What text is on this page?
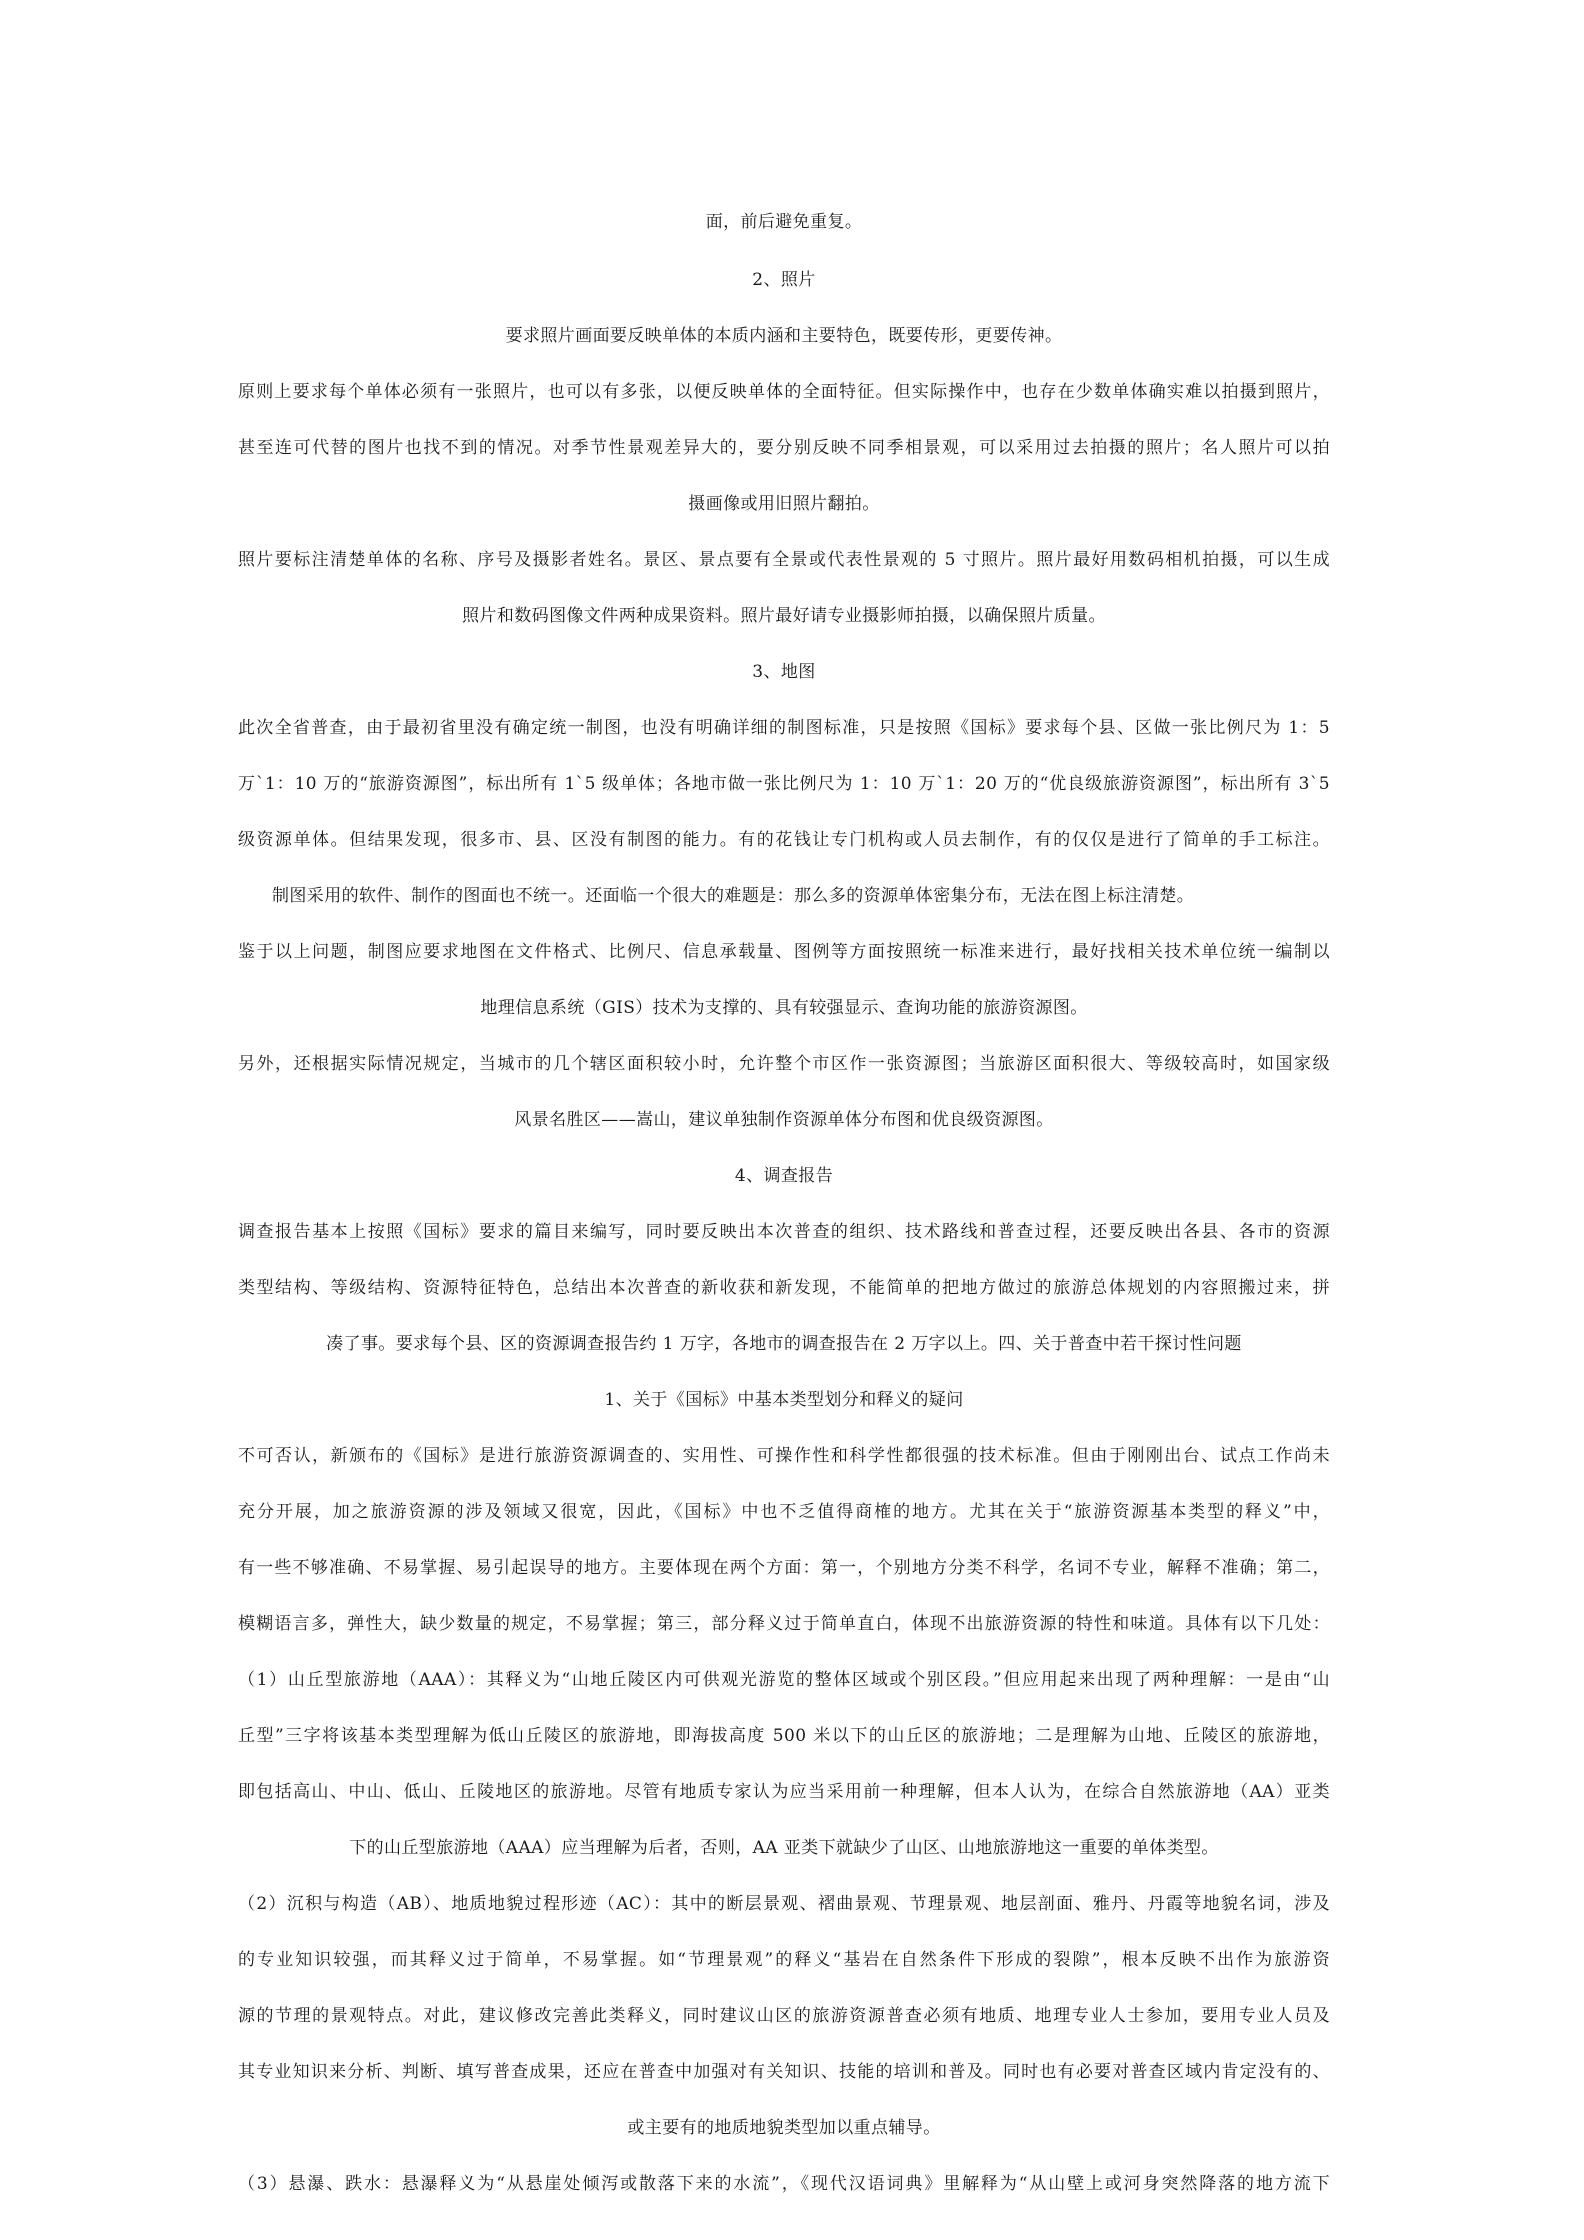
面，前后避免重复。
2、照片
要求照片画面要反映单体的本质内涵和主要特色，既要传形，更要传神。
原则上要求每个单体必须有一张照片，也可以有多张，以便反映单体的全面特征。但实际操作中，也存在少数单体确实难以拍摄到照片，
甚至连可代替的图片也找不到的情况。对季节性景观差异大的，要分别反映不同季相景观，可以采用过去拍摄的照片；名人照片可以拍
摄画像或用旧照片翻拍。
照片要标注清楚单体的名称、序号及摄影者姓名。景区、景点要有全景或代表性景观的 5 寸照片。照片最好用数码相机拍摄，可以生成
照片和数码图像文件两种成果资料。照片最好请专业摄影师拍摄，以确保照片质量。
3、地图
此次全省普查，由于最初省里没有确定统一制图，也没有明确详细的制图标准，只是按照《国标》要求每个县、区做一张比例尺为 1：5
万`1：10 万的“旅游资源图”，标出所有 1`5 级单体；各地市做一张比例尺为 1：10 万`1：20 万的“优良级旅游资源图”，标出所有 3`5
级资源单体。但结果发现，很多市、县、区没有制图的能力。有的花钱让专门机构或人员去制作，有的仅仅是进行了简单的手工标注。
制图采用的软件、制作的图面也不统一。还面临一个很大的难题是：那么多的资源单体密集分布，无法在图上标注清楚。
鉴于以上问题，制图应要求地图在文件格式、比例尺、信息承载量、图例等方面按照统一标准来进行，最好找相关技术单位统一编制以
地理信息系统（GIS）技术为支撑的、具有较强显示、查询功能的旅游资源图。
另外，还根据实际情况规定，当城市的几个辖区面积较小时，允许整个市区作一张资源图；当旅游区面积很大、等级较高时，如国家级
风景名胜区——嵩山，建议单独制作资源单体分布图和优良级资源图。
4、调查报告
调查报告基本上按照《国标》要求的篇目来编写，同时要反映出本次普查的组织、技术路线和普查过程，还要反映出各县、各市的资源
类型结构、等级结构、资源特征特色，总结出本次普查的新收获和新发现，不能简单的把地方做过的旅游总体规划的内容照搬过来，拼
凑了事。要求每个县、区的资源调查报告约 1 万字，各地市的调查报告在 2 万字以上。四、关于普查中若干探讨性问题
1、关于《国标》中基本类型划分和释义的疑问
不可否认，新颁布的《国标》是进行旅游资源调查的、实用性、可操作性和科学性都很强的技术标准。但由于刚刚出台、试点工作尚未
充分开展，加之旅游资源的涉及领域又很宽，因此，《国标》中也不乏值得商榷的地方。尤其在关于“旅游资源基本类型的释义”中，
有一些不够准确、不易掌握、易引起误导的地方。主要体现在两个方面：第一，个别地方分类不科学，名词不专业，解释不准确；第二，
模糊语言多，弹性大，缺少数量的规定，不易掌握；第三，部分释义过于简单直白，体现不出旅游资源的特性和味道。具体有以下几处：
（1）山丘型旅游地（AAA）：其释义为“山地丘陵区内可供观光游览的整体区域或个别区段。”但应用起来出现了两种理解：一是由“山
丘型”三字将该基本类型理解为低山丘陵区的旅游地，即海拔高度 500 米以下的山丘区的旅游地；二是理解为山地、丘陵区的旅游地，
即包括高山、中山、低山、丘陵地区的旅游地。尽管有地质专家认为应当采用前一种理解，但本人认为，在综合自然旅游地（AA）亚类
下的山丘型旅游地（AAA）应当理解为后者，否则，AA 亚类下就缺少了山区、山地旅游地这一重要的单体类型。
（2）沉积与构造（AB）、地质地貌过程形迹（AC）：其中的断层景观、褶曲景观、节理景观、地层剖面、雅丹、丹霞等地貌名词，涉及
的专业知识较强，而其释义过于简单，不易掌握。如“节理景观”的释义“基岩在自然条件下形成的裂隙”，根本反映不出作为旅游资
源的节理的景观特点。对此，建议修改完善此类释义，同时建议山区的旅游资源普查必须有地质、地理专业人士参加，要用专业人员及
其专业知识来分析、判断、填写普查成果，还应在普查中加强对有关知识、技能的培训和普及。同时也有必要对普查区域内肯定没有的、
或主要有的地质地貌类型加以重点辅导。
（3）悬瀑、跌水：悬瀑释义为“从悬崖处倾泻或散落下来的水流”，《现代汉语词典》里解释为“从山壁上或河身突然降落的地方流下
